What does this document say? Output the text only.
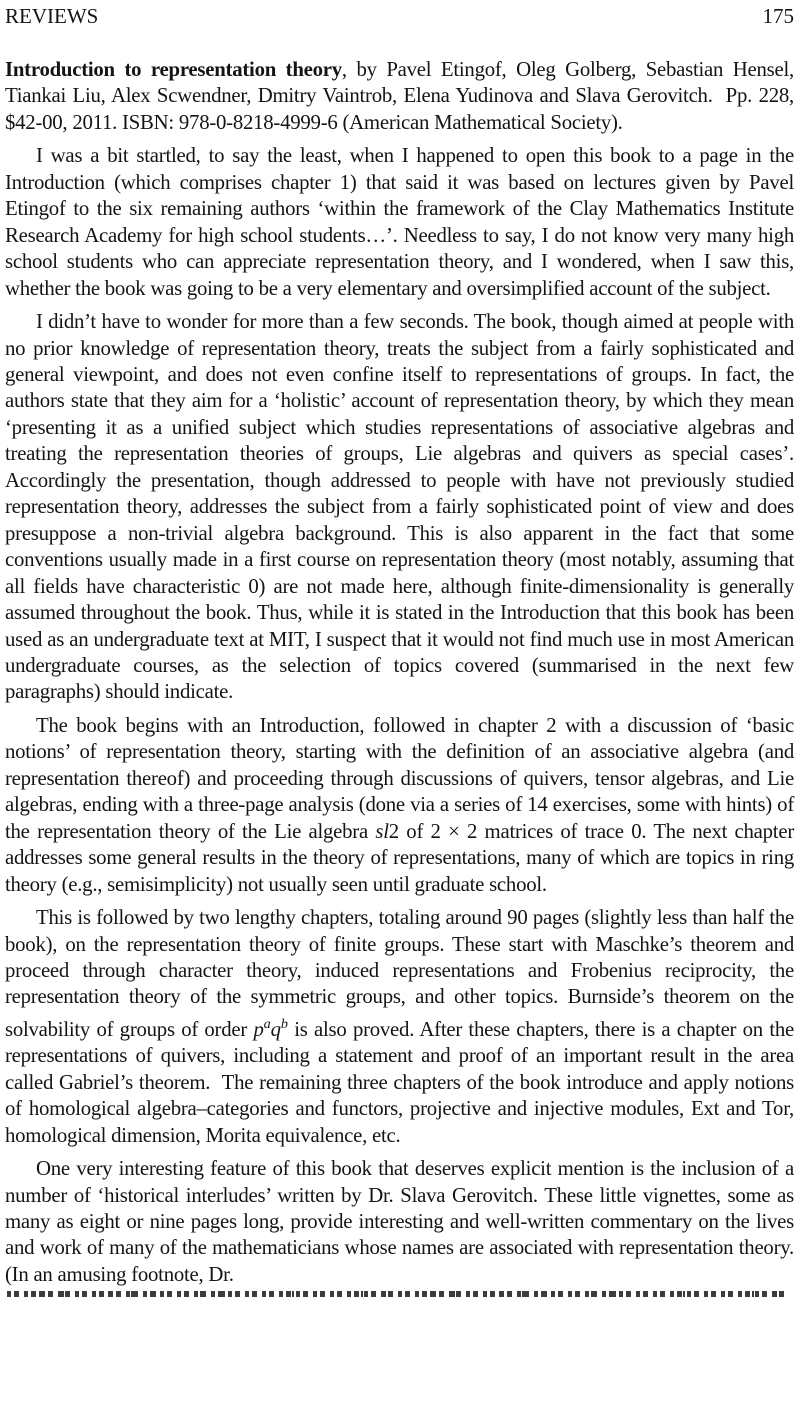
REVIEWS	175

Introduction to representation theory, by Pavel Etingof, Oleg Golberg, Sebastian Hensel, Tiankai Liu, Alex Scwendner, Dmitry Vaintrob, Elena Yudinova and Slava Gerovitch.  Pp. 228, $42-00, 2011. ISBN: 978-0-8218-4999-6 (American Mathematical Society).

I was a bit startled, to say the least, when I happened to open this book to a page in the Introduction (which comprises chapter 1) that said it was based on lectures given by Pavel Etingof to the six remaining authors ‘within the framework of the Clay Mathematics Institute Research Academy for high school students…’. Needless to say, I do not know very many high school students who can appreciate representation theory, and I wondered, when I saw this, whether the book was going to be a very elementary and oversimplified account of the subject.

I didn’t have to wonder for more than a few seconds. The book, though aimed at people with no prior knowledge of representation theory, treats the subject from a fairly sophisticated and general viewpoint, and does not even confine itself to representations of groups. In fact, the authors state that they aim for a ‘holistic’ account of representation theory, by which they mean ‘presenting it as a unified subject which studies representations of associative algebras and treating the representation theories of groups, Lie algebras and quivers as special cases’. Accordingly the presentation, though addressed to people with have not previously studied representation theory, addresses the subject from a fairly sophisticated point of view and does presuppose a non-trivial algebra background. This is also apparent in the fact that some conventions usually made in a first course on representation theory (most notably, assuming that all fields have characteristic 0) are not made here, although finite-dimensionality is generally assumed throughout the book. Thus, while it is stated in the Introduction that this book has been used as an undergraduate text at MIT, I suspect that it would not find much use in most American undergraduate courses, as the selection of topics covered (summarised in the next few paragraphs) should indicate.

The book begins with an Introduction, followed in chapter 2 with a discussion of ‘basic notions’ of representation theory, starting with the definition of an associative algebra (and representation thereof) and proceeding through discussions of quivers, tensor algebras, and Lie algebras, ending with a three-page analysis (done via a series of 14 exercises, some with hints) of the representation theory of the Lie algebra sl2 of 2 × 2 matrices of trace 0. The next chapter addresses some general results in the theory of representations, many of which are topics in ring theory (e.g., semisimplicity) not usually seen until graduate school.

This is followed by two lengthy chapters, totaling around 90 pages (slightly less than half the book), on the representation theory of finite groups. These start with Maschke’s theorem and proceed through character theory, induced representations and Frobenius reciprocity, the representation theory of the symmetric groups, and other topics. Burnside’s theorem on the solvability of groups of order $p^aq^b$ is also proved. After these chapters, there is a chapter on the representations of quivers, including a statement and proof of an important result in the area called Gabriel’s theorem.  The remaining three chapters of the book introduce and apply notions of homological algebra–categories and functors, projective and injective modules, Ext and Tor, homological dimension, Morita equivalence, etc.

One very interesting feature of this book that deserves explicit mention is the inclusion of a number of ‘historical interludes’ written by Dr. Slava Gerovitch. These little vignettes, some as many as eight or nine pages long, provide interesting and well-written commentary on the lives and work of many of the mathematicians whose names are associated with representation theory. (In an amusing footnote, Dr.
